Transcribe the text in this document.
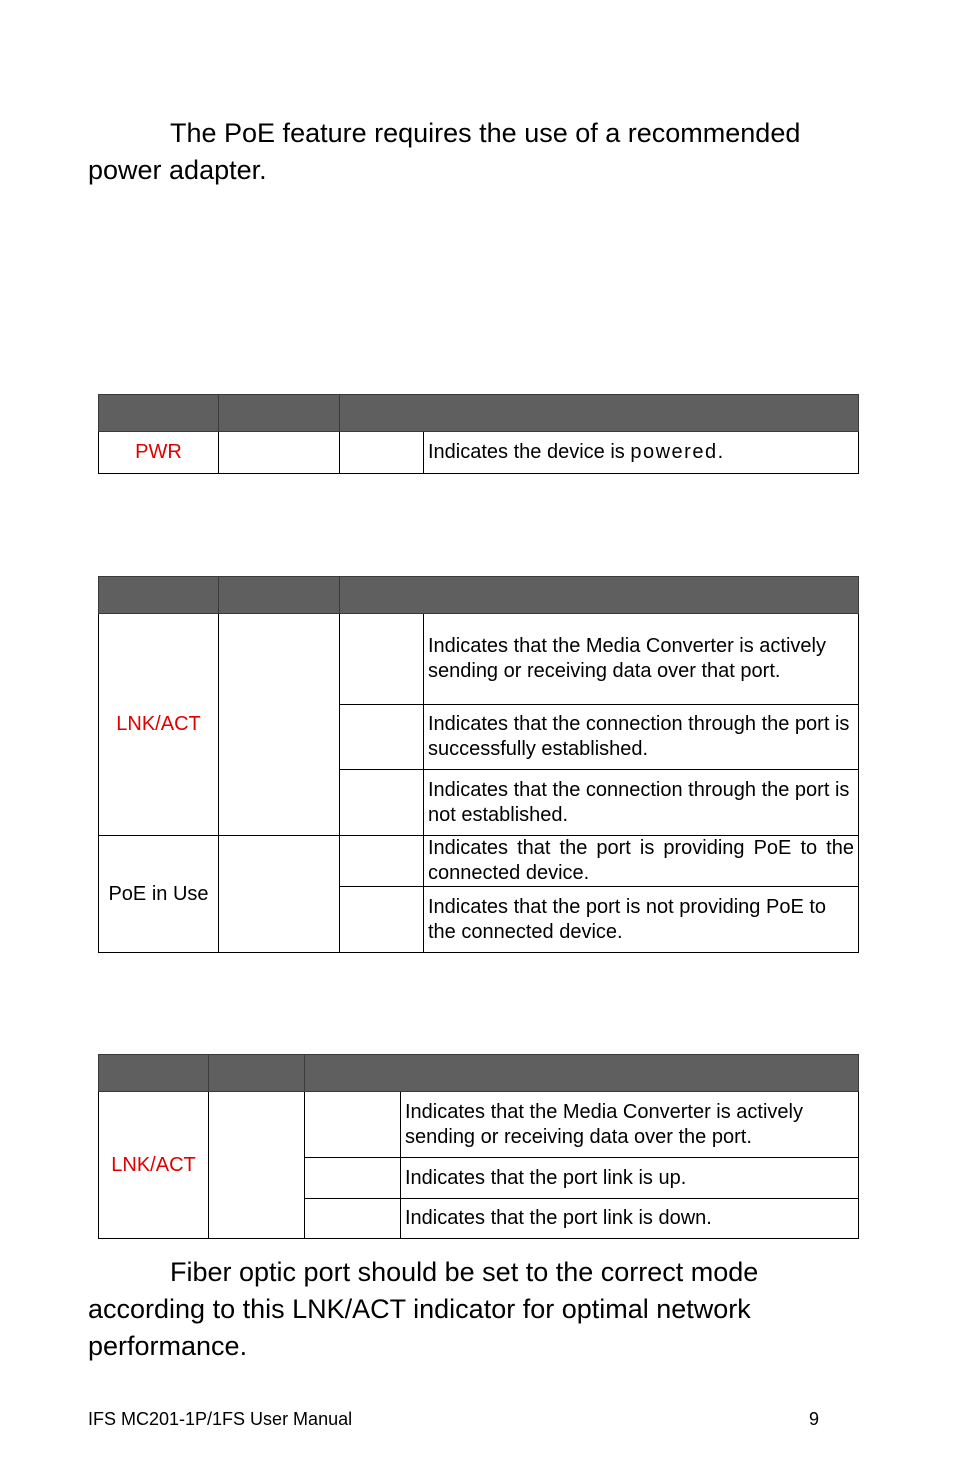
The PoE feature requires the use of a recommended power adapter.

PWR			Indicates the device is powered.

LNK/ACT			Indicates that the Media Converter is actively sending or receiving data over that port.
			Indicates that the connection through the port is successfully established.
			Indicates that the connection through the port is not established.
PoE in Use			Indicates that the port is providing PoE to the connected device.
			Indicates that the port is not providing PoE to the connected device.

LNK/ACT			Indicates that the Media Converter is actively sending or receiving data over the port.
			Indicates that the port link is up.
			Indicates that the port link is down.

Fiber optic port should be set to the correct mode according to this LNK/ACT indicator for optimal network performance.

IFS MC201-1P/1FS User Manual	9
